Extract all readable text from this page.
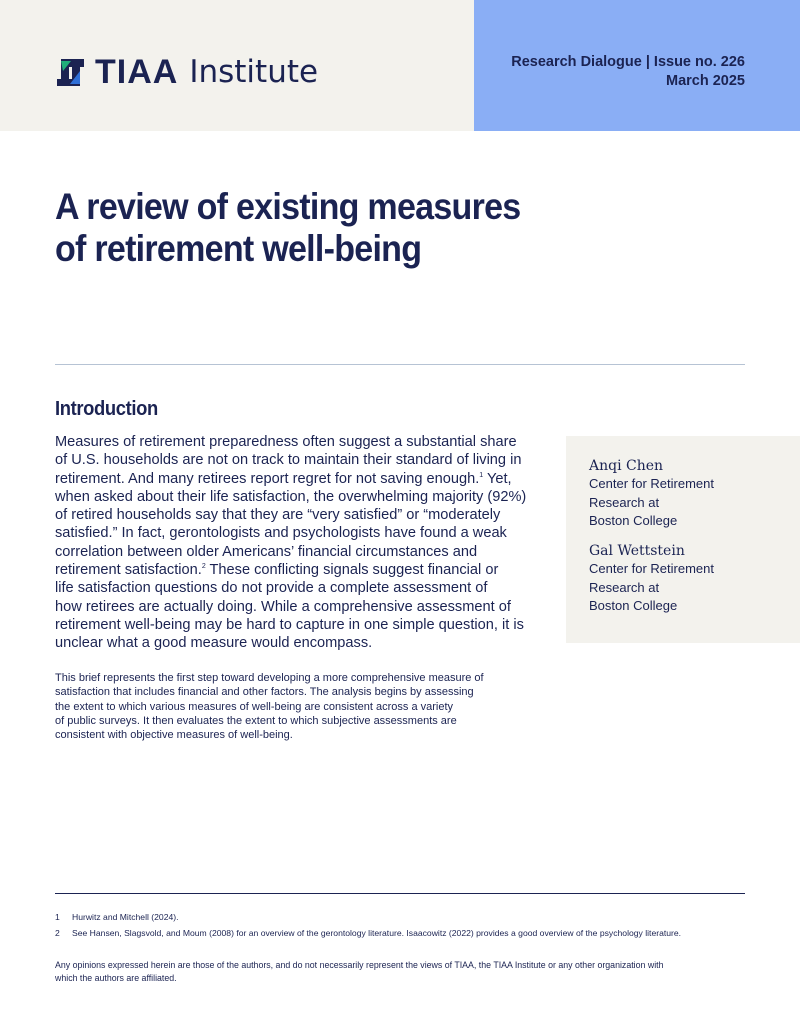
TIAA Institute	Research Dialogue | Issue no. 226
March 2025
A review of existing measures
of retirement well-being
Introduction
Measures of retirement preparedness often suggest a substantial share
of U.S. households are not on track to maintain their standard of living in
retirement. And many retirees report regret for not saving enough.$^1$ Yet,
when asked about their life satisfaction, the overwhelming majority (92%)
of retired households say that they are “very satisfied” or “moderately
satisfied.” In fact, gerontologists and psychologists have found a weak
correlation between older Americans’ financial circumstances and
retirement satisfaction.$^2$ These conflicting signals suggest financial or
life satisfaction questions do not provide a complete assessment of
how retirees are actually doing. While a comprehensive assessment of
retirement well-being may be hard to capture in one simple question, it is
unclear what a good measure would encompass.
This brief represents the first step toward developing a more comprehensive measure of
satisfaction that includes financial and other factors. The analysis begins by assessing
the extent to which various measures of well-being are consistent across a variety
of public surveys. It then evaluates the extent to which subjective assessments are
consistent with objective measures of well-being.
Anqi Chen
Center for Retirement
Research at
Boston College
Gal Wettstein
Center for Retirement
Research at
Boston College
1	Hurwitz and Mitchell (2024).
2	See Hansen, Slagsvold, and Moum (2008) for an overview of the gerontology literature. Isaacowitz (2022) provides a good overview of the psychology literature.
Any opinions expressed herein are those of the authors, and do not necessarily represent the views of TIAA, the TIAA Institute or any other organization with
which the authors are affiliated.
